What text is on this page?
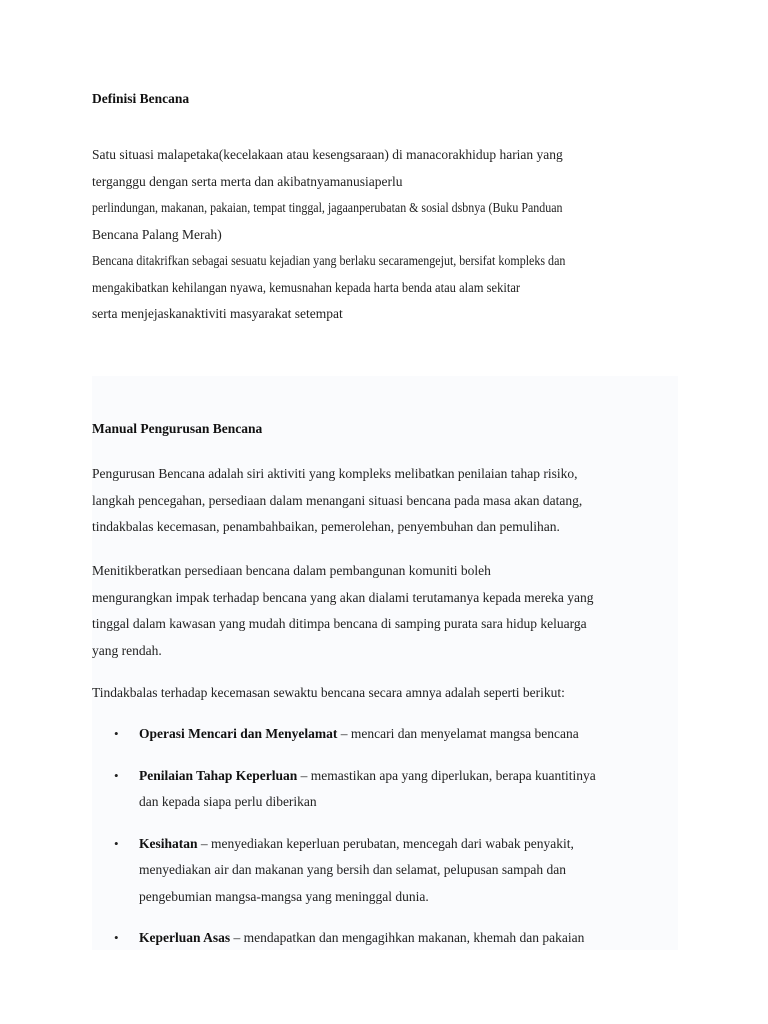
Definisi Bencana
Satu situasi malapetaka(kecelakaan atau kesengsaraan) di manacorakhidup harian yang
terganggu dengan serta merta dan akibatnyamanusiaperlu
perlindungan, makanan, pakaian, tempat tinggal, jagaanperubatan & sosial dsbnya (Buku Panduan
Bencana Palang Merah)
Bencana ditakrifkan sebagai sesuatu kejadian yang berlaku secaramengejut, bersifat kompleks dan
mengakibatkan kehilangan nyawa, kemusnahan kepada harta benda atau alam sekitar
serta menjejaskanaktiviti masyarakat setempat
Manual Pengurusan Bencana

Pengurusan Bencana adalah siri aktiviti yang kompleks melibatkan penilaian tahap risiko,
langkah pencegahan, persediaan dalam menangani situasi bencana pada masa akan datang,
tindakbalas kecemasan, penambahbaikan, pemerolehan, penyembuhan dan pemulihan.

Menitikberatkan persediaan bencana dalam pembangunan komuniti boleh
mengurangkan impak terhadap bencana yang akan dialami terutamanya kepada mereka yang
tinggal dalam kawasan yang mudah ditimpa bencana di samping purata sara hidup keluarga
yang rendah.

Tindakbalas terhadap kecemasan sewaktu bencana secara amnya adalah seperti berikut:

• Operasi Mencari dan Menyelamat – mencari dan menyelamat mangsa bencana
• Penilaian Tahap Keperluan – memastikan apa yang diperlukan, berapa kuantitinya
dan kepada siapa perlu diberikan
• Kesihatan – menyediakan keperluan perubatan, mencegah dari wabak penyakit,
menyediakan air dan makanan yang bersih dan selamat, pelupusan sampah dan
pengebumian mangsa-mangsa yang meninggal dunia.
• Keperluan Asas – mendapatkan dan mengagihkan makanan, khemah dan pakaian
